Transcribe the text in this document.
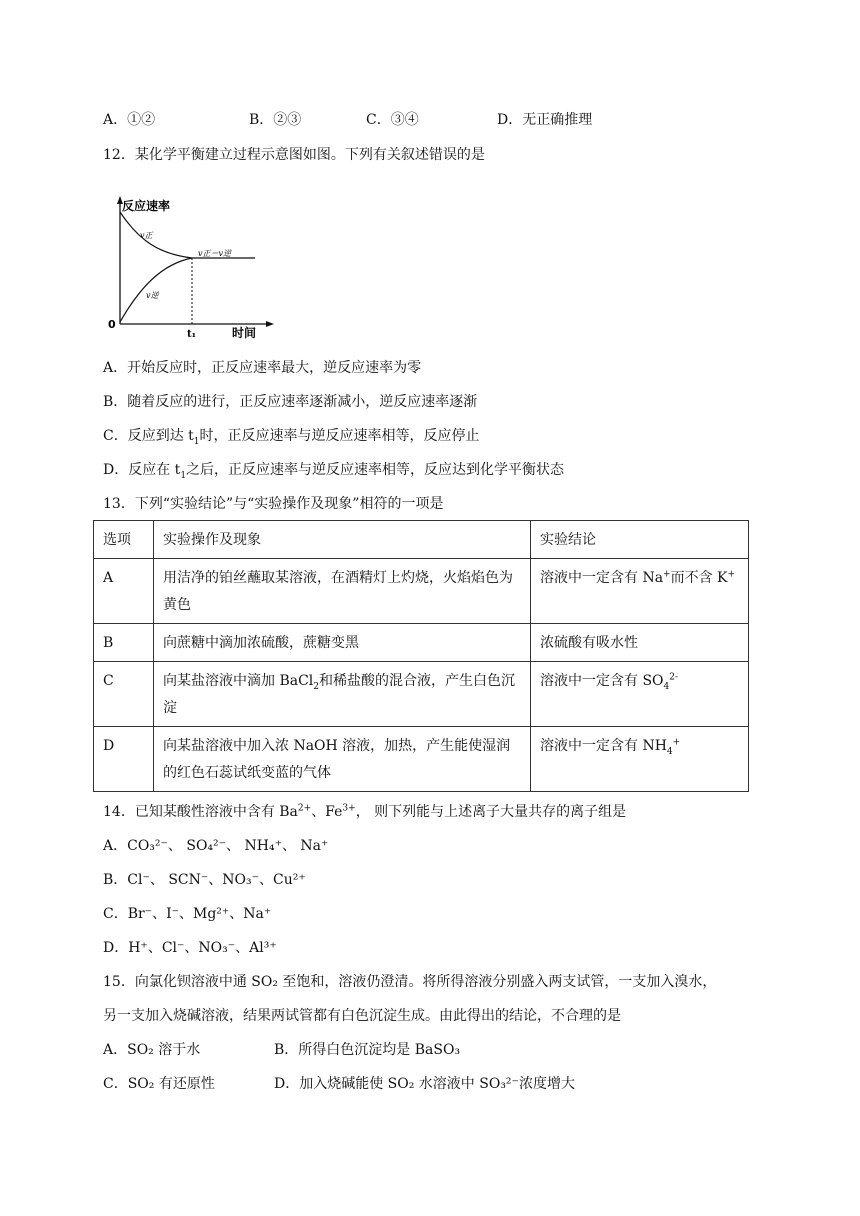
A．①②	B．②③	C．③④	D．无正确推理
12．某化学平衡建立过程示意图如图。下列有关叙述错误的是
反应速率
v正
v逆
v正＝v逆
0
t₁	时间
A．开始反应时，正反应速率最大，逆反应速率为零
B．随着反应的进行，正反应速率逐渐减小，逆反应速率逐渐
C．反应到达 $t_1$时，正反应速率与逆反应速率相等，反应停止
D．反应在 $t_1$之后，正反应速率与逆反应速率相等，反应达到化学平衡状态
13．下列“实验结论”与“实验操作及现象”相符的一项是
选项	实验操作及现象	实验结论
A	用洁净的铂丝蘸取某溶液，在酒精灯上灼烧，火焰焰色为黄色	溶液中一定含有 Na+而不含 K+
B	向蔗糖中滴加浓硫酸，蔗糖变黑	浓硫酸有吸水性
C	向某盐溶液中滴加 BaCl$_2$和稀盐酸的混合液，产生白色沉淀	溶液中一定含有 $SO_4^{2-}$
D	向某盐溶液中加入浓 NaOH 溶液，加热，产生能使湿润的红色石蕊试纸变蓝的气体	溶液中一定含有 $NH_4^+$
14．已知某酸性溶液中含有 $Ba^{2+}$、$Fe^{3+}$， 则下列能与上述离子大量共存的离子组是
A．CO₃²⁻、 SO₄²⁻、 NH₄⁺、 Na⁺
B．Cl⁻、 SCN⁻、NO₃⁻、Cu²⁺
C．Br⁻、I⁻、Mg²⁺、Na⁺
D．H⁺、Cl⁻、NO₃⁻、Al³⁺
15．向氯化钡溶液中通 SO₂ 至饱和，溶液仍澄清。将所得溶液分别盛入两支试管，一支加入溴水，
另一支加入烧碱溶液，结果两试管都有白色沉淀生成。由此得出的结论，不合理的是
A．SO₂ 溶于水	B．所得白色沉淀均是 BaSO₃
C．SO₂ 有还原性	D．加入烧碱能使 SO₂ 水溶液中 SO₃²⁻浓度增大
